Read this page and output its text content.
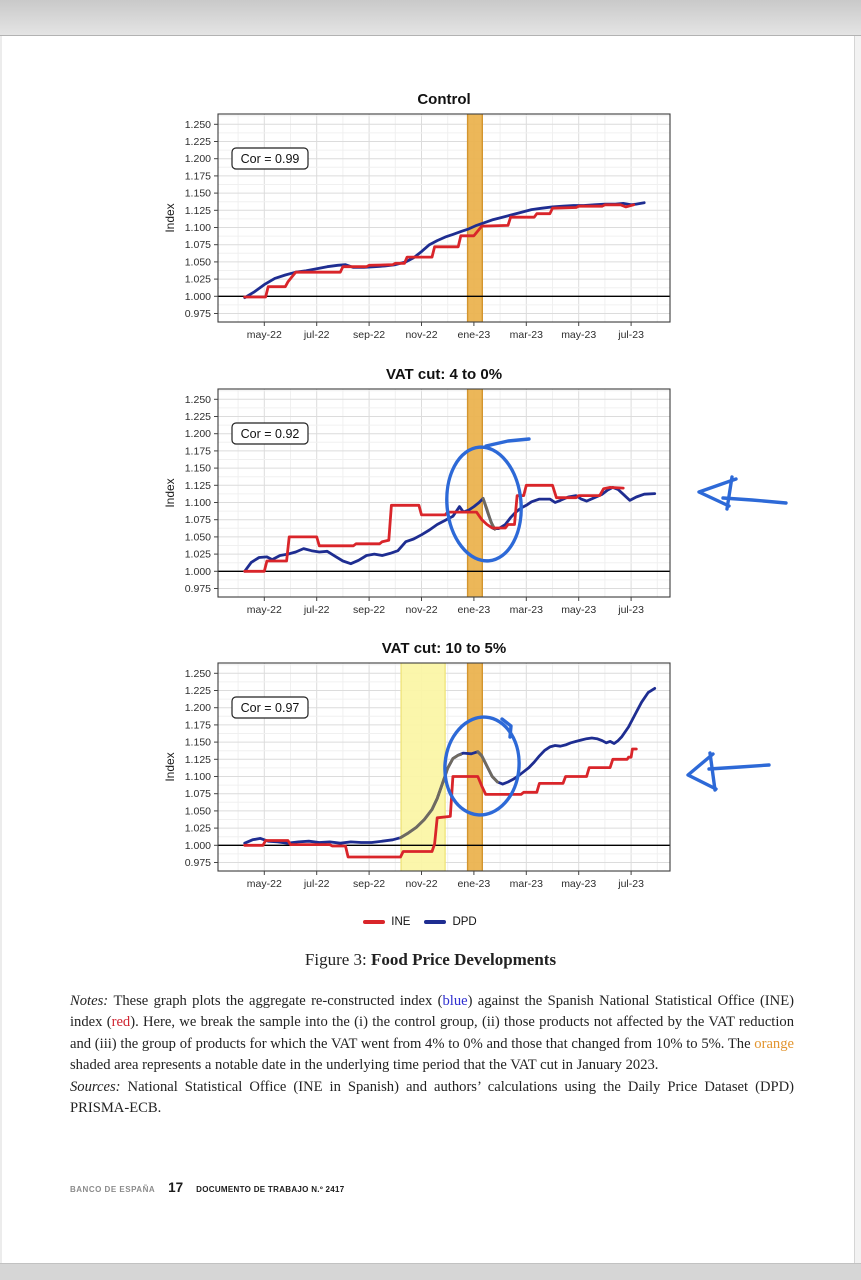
may-22 jul-22 sep-22 nov-22 ene-23 mar-23 may-23 jul-23
0.975
1.000
1.025
1.050
1.075
1.100
1.125
1.150
1.175
1.200
1.225
1.250
Control
Index
Cor = 0.99
may-22 jul-22 sep-22 nov-22 ene-23 mar-23 may-23 jul-23
0.975
1.000
1.025
1.050
1.075
1.100
1.125
1.150
1.175
1.200
1.225
1.250
VAT cut: 4 to 0%
Index
Cor = 0.92
may-22 jul-22 sep-22 nov-22 ene-23 mar-23 may-23 jul-23
0.975
1.000
1.025
1.050
1.075
1.100
1.125
1.150
1.175
1.200
1.225
1.250
VAT cut: 10 to 5%
Index
Cor = 0.97
INE	DPD
Figure 3: Food Price Developments

Notes: These graph plots the aggregate re-constructed index (blue) against the Spanish National Statistical Office (INE) index (red). Here, we break the sample into the (i) the control group, (ii) those products not affected by the VAT reduction and (iii) the group of products for which the VAT went from 4% to 0% and those that changed from 10% to 5%. The orange shaded area represents a notable date in the underlying time period that the VAT cut in January 2023.

Sources: National Statistical Office (INE in Spanish) and authors’ calculations using the Daily Price Dataset (DPD) PRISMA-ECB.

BANCO DE ESPAÑA 17 DOCUMENTO DE TRABAJO N.º 2417
